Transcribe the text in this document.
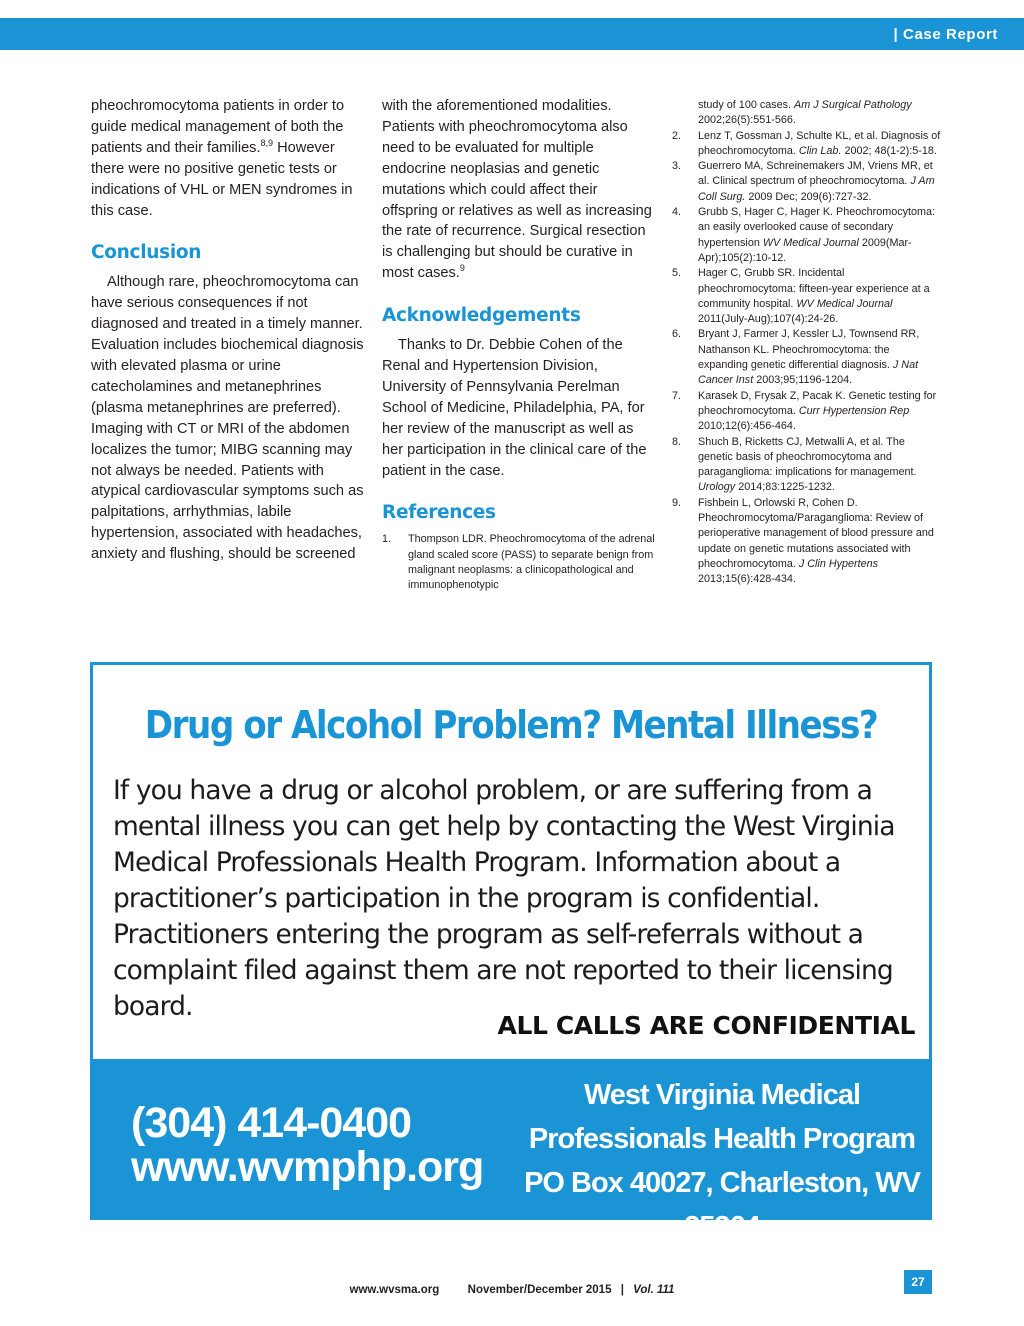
| Case Report

pheochromocytoma patients in order to guide medical management of both the patients and their families.$^{8,9}$ However there were no positive genetic tests or indications of VHL or MEN syndromes in this case.

Conclusion

Although rare, pheochromocytoma can have serious consequences if not diagnosed and treated in a timely manner. Evaluation includes biochemical diagnosis with elevated plasma or urine catecholamines and metanephrines (plasma metanephrines are preferred). Imaging with CT or MRI of the abdomen localizes the tumor; MIBG scanning may not always be needed. Patients with atypical cardiovascular symptoms such as palpitations, arrhythmias, labile hypertension, associated with headaches, anxiety and flushing, should be screened

with the aforementioned modalities. Patients with pheochromocytoma also need to be evaluated for multiple endocrine neoplasias and genetic mutations which could affect their offspring or relatives as well as increasing the rate of recurrence. Surgical resection is challenging but should be curative in most cases.$^9$

Acknowledgements

Thanks to Dr. Debbie Cohen of the Renal and Hypertension Division, University of Pennsylvania Perelman School of Medicine, Philadelphia, PA, for her review of the manuscript as well as her participation in the clinical care of the patient in the case.

References
1. Thompson LDR. Pheochromocytoma of the adrenal gland scaled score (PASS) to separate benign from malignant neoplasms: a clinicopathological and immunophenotypic
study of 100 cases. Am J Surgical Pathology 2002;26(5):551-566.
2. Lenz T, Gossman J, Schulte KL, et al. Diagnosis of pheochromocytoma. Clin Lab. 2002; 48(1-2):5-18.
3. Guerrero MA, Schreinemakers JM, Vriens MR, et al. Clinical spectrum of pheochromocytoma. J Am Coll Surg. 2009 Dec; 209(6):727-32.
4. Grubb S, Hager C, Hager K. Pheochromocytoma: an easily overlooked cause of secondary hypertension WV Medical Journal 2009(Mar-Apr);105(2):10-12.
5. Hager C, Grubb SR. Incidental pheochromocytoma: fifteen-year experience at a community hospital. WV Medical Journal 2011(July-Aug);107(4):24-26.
6. Bryant J, Farmer J, Kessler LJ, Townsend RR, Nathanson KL. Pheochromocytoma: the expanding genetic differential diagnosis. J Nat Cancer Inst 2003;95;1196-1204.
7. Karasek D, Frysak Z, Pacak K. Genetic testing for pheochromocytoma. Curr Hypertension Rep 2010;12(6):456-464.
8. Shuch B, Ricketts CJ, Metwalli A, et al. The genetic basis of pheochromocytoma and paraganglioma: implications for management. Urology 2014;83:1225-1232.
9. Fishbein L, Orlowski R, Cohen D. Pheochromocytoma/Paraganglioma: Review of perioperative management of blood pressure and update on genetic mutations associated with pheochromocytoma. J Clin Hypertens 2013;15(6):428-434.
Drug or Alcohol Problem? Mental Illness?
If you have a drug or alcohol problem, or are suffering from a mental illness you can get help by contacting the West Virginia Medical Professionals Health Program. Information about a practitioner’s participation in the program is confidential. Practitioners entering the program as self-referrals without a complaint filed against them are not reported to their licensing board.
ALL CALLS ARE CONFIDENTIAL
(304) 414-0400
www.wvmphp.org
West Virginia Medical
Professionals Health Program
PO Box 40027, Charleston, WV 25364
www.wvsma.org November/December 2015 | Vol. 111
27
